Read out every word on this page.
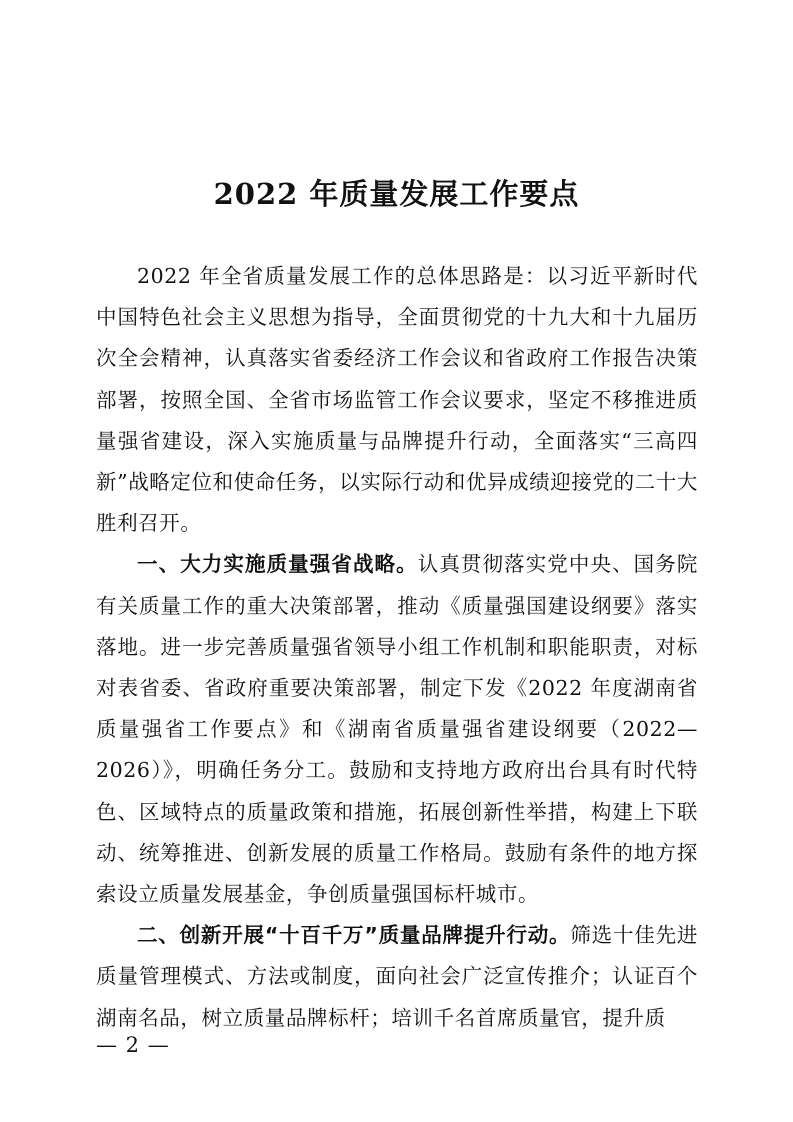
2022 年质量发展工作要点

2022 年全省质量发展工作的总体思路是：以习近平新时代中国特色社会主义思想为指导，全面贯彻党的十九大和十九届历次全会精神，认真落实省委经济工作会议和省政府工作报告决策部署，按照全国、全省市场监管工作会议要求，坚定不移推进质量强省建设，深入实施质量与品牌提升行动，全面落实“三高四新”战略定位和使命任务，以实际行动和优异成绩迎接党的二十大胜利召开。

一、大力实施质量强省战略。认真贯彻落实党中央、国务院有关质量工作的重大决策部署，推动《质量强国建设纲要》落实落地。进一步完善质量强省领导小组工作机制和职能职责，对标对表省委、省政府重要决策部署，制定下发《2022 年度湖南省质量强省工作要点》和《湖南省质量强省建设纲要（2022—2026）》，明确任务分工。鼓励和支持地方政府出台具有时代特色、区域特点的质量政策和措施，拓展创新性举措，构建上下联动、统筹推进、创新发展的质量工作格局。鼓励有条件的地方探索设立质量发展基金，争创质量强国标杆城市。

二、创新开展“十百千万”质量品牌提升行动。筛选十佳先进质量管理模式、方法或制度，面向社会广泛宣传推介；认证百个湖南名品，树立质量品牌标杆；培训千名首席质量官，提升质

— 2 —
